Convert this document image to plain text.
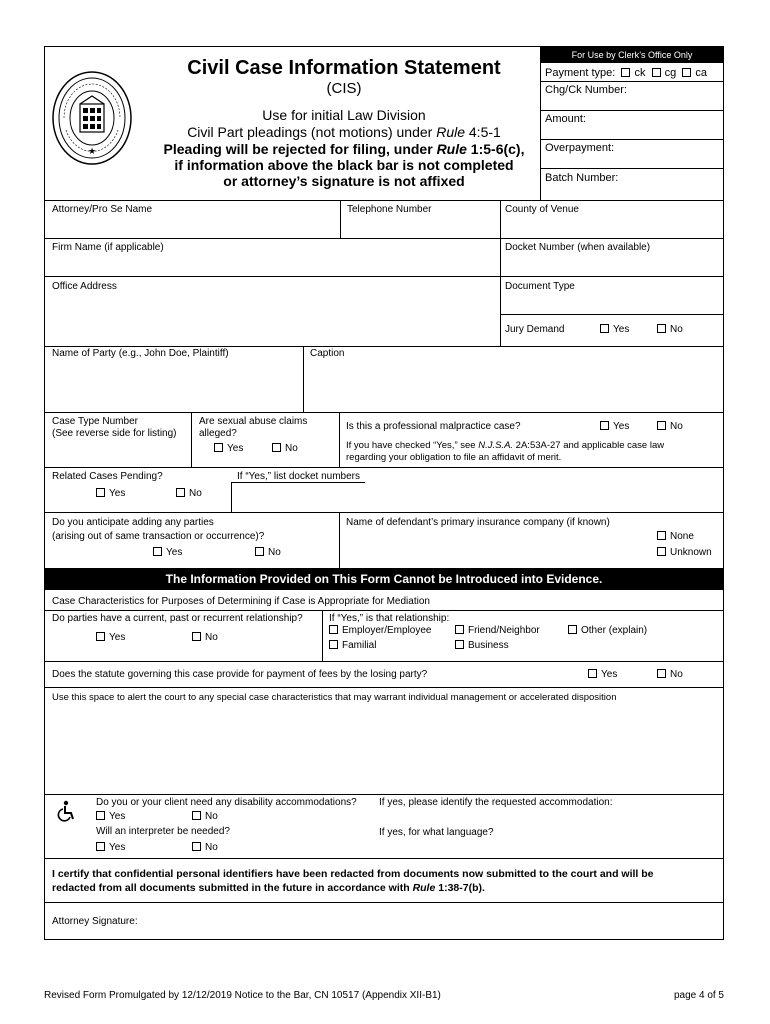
★
Civil Case Information Statement
(CIS)
Use for initial Law Division
Civil Part pleadings (not motions) under Rule 4:5-1
Pleading will be rejected for filing, under Rule 1:5-6(c),
if information above the black bar is not completed
or attorney’s signature is not affixed
For Use by Clerk’s Office Only
Payment type: ck cg ca
Chg/Ck Number:
Amount:
Overpayment:
Batch Number:
Attorney/Pro Se Name	Telephone Number	County of Venue
Firm Name (if applicable)	Docket Number (when available)
Office Address	Document Type
Jury Demand	Yes	No
Name of Party (e.g., John Doe, Plaintiff)	Caption
Case Type Number
(See reverse side for listing)
Are sexual abuse claims
alleged?
Yes	No
Is this a professional malpractice case?	Yes	No
If you have checked “Yes,” see N.J.S.A. 2A:53A-27 and applicable case law
regarding your obligation to file an affidavit of merit.
Related Cases Pending?
Yes	No
If “Yes,” list docket numbers
Do you anticipate adding any parties
(arising out of same transaction or occurrence)?
Yes	No
Name of defendant’s primary insurance company (if known)
None
Unknown
The Information Provided on This Form Cannot be Introduced into Evidence.
Case Characteristics for Purposes of Determining if Case is Appropriate for Mediation
Do parties have a current, past or recurrent relationship?
Yes	No
If “Yes,” is that relationship:
Employer/Employee	Friend/Neighbor	Other (explain)
Familial	Business
Does the statute governing this case provide for payment of fees by the losing party?	Yes	No
Use this space to alert the court to any special case characteristics that may warrant individual management or accelerated disposition
Do you or your client need any disability accommodations?
Yes	No
If yes, please identify the requested accommodation:
Will an interpreter be needed?
Yes	No
If yes, for what language?
I certify that confidential personal identifiers have been redacted from documents now submitted to the court and will be
redacted from all documents submitted in the future in accordance with Rule 1:38-7(b).
Attorney Signature:
Revised Form Promulgated by 12/12/2019 Notice to the Bar, CN 10517 (Appendix XII-B1)	page 4 of 5
